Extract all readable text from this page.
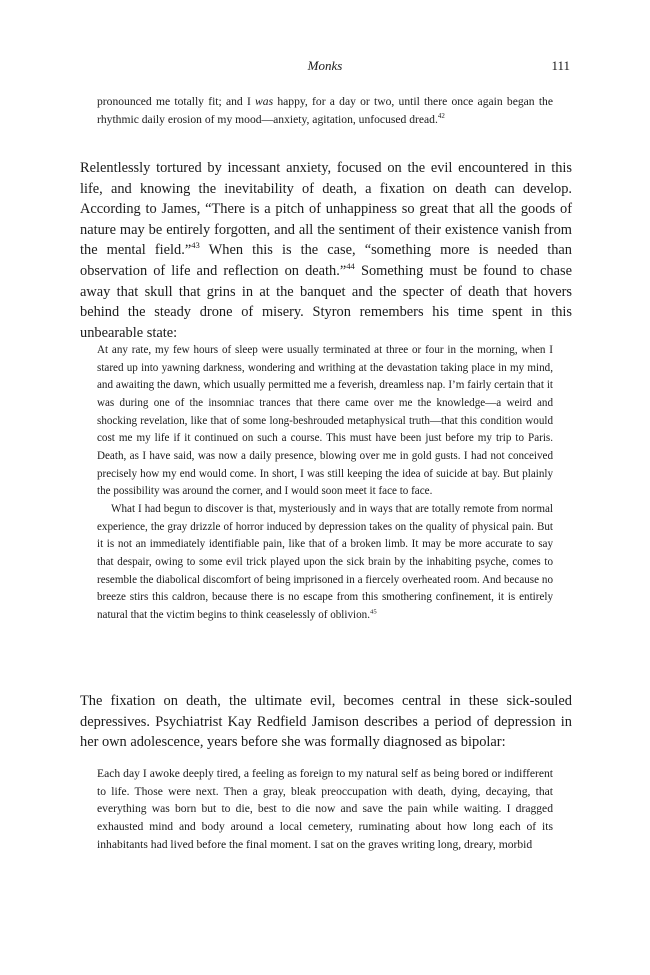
Monks	111

pronounced me totally fit; and I was happy, for a day or two, until there once again began the rhythmic daily erosion of my mood—anxiety, agitation, unfocused dread.$^{42}$

Relentlessly tortured by incessant anxiety, focused on the evil encountered in this life, and knowing the inevitability of death, a fixation on death can develop. According to James, “There is a pitch of unhappiness so great that all the goods of nature may be entirely forgotten, and all the sentiment of their existence vanish from the mental field.”$^{43}$ When this is the case, “something more is needed than observation of life and reflection on death.”$^{44}$ Something must be found to chase away that skull that grins in at the banquet and the specter of death that hovers behind the steady drone of misery. Styron remembers his time spent in this unbearable state:

At any rate, my few hours of sleep were usually terminated at three or four in the morning, when I stared up into yawning darkness, wondering and writhing at the devastation taking place in my mind, and awaiting the dawn, which usually permitted me a feverish, dreamless nap. I’m fairly certain that it was during one of the insomniac trances that there came over me the knowledge—a weird and shocking revelation, like that of some long-beshrouded metaphysical truth—that this condition would cost me my life if it continued on such a course. This must have been just before my trip to Paris. Death, as I have said, was now a daily presence, blowing over me in gold gusts. I had not conceived precisely how my end would come. In short, I was still keeping the idea of suicide at bay. But plainly the possibility was around the corner, and I would soon meet it face to face.

What I had begun to discover is that, mysteriously and in ways that are totally remote from normal experience, the gray drizzle of horror induced by depression takes on the quality of physical pain. But it is not an immediately identifiable pain, like that of a broken limb. It may be more accurate to say that despair, owing to some evil trick played upon the sick brain by the inhabiting psyche, comes to resemble the diabolical discomfort of being imprisoned in a fiercely overheated room. And because no breeze stirs this caldron, because there is no escape from this smothering confinement, it is entirely natural that the victim begins to think ceaselessly of oblivion.$^{45}$

The fixation on death, the ultimate evil, becomes central in these sick-souled depressives. Psychiatrist Kay Redfield Jamison describes a period of depression in her own adolescence, years before she was formally diagnosed as bipolar:

Each day I awoke deeply tired, a feeling as foreign to my natural self as being bored or indifferent to life. Those were next. Then a gray, bleak preoccupation with death, dying, decaying, that everything was born but to die, best to die now and save the pain while waiting. I dragged exhausted mind and body around a local cemetery, ruminating about how long each of its inhabitants had lived before the final moment. I sat on the graves writing long, dreary, morbid
